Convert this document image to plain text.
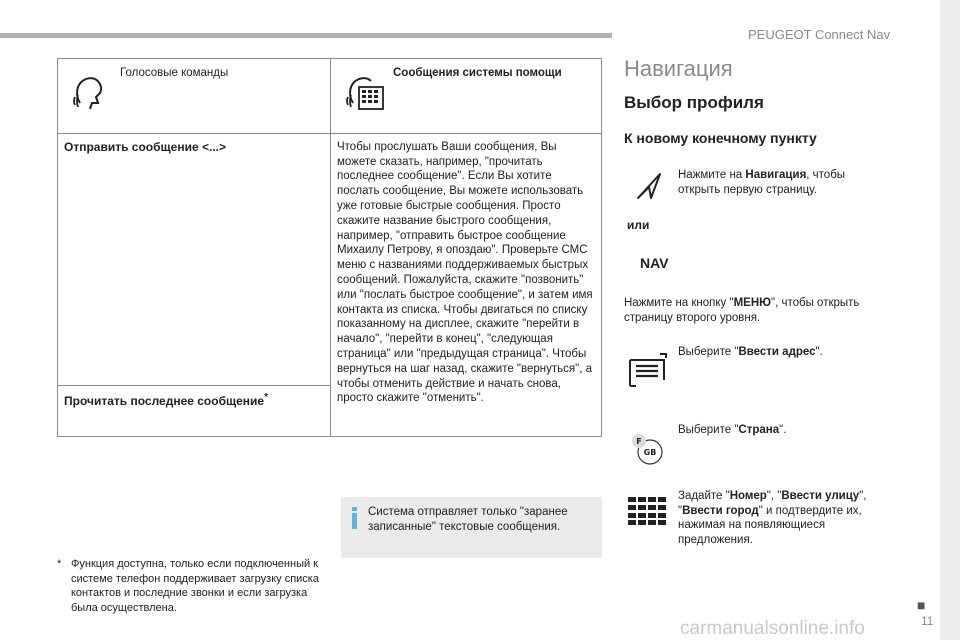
PEUGEOT Connect Nav
Голосовые команды	Сообщения системы помощи

Отправить сообщение <...>	Чтобы прослушать Ваши сообщения, Вы можете сказать, например, "прочитать последнее сообщение". Если Вы хотите послать сообщение, Вы можете использовать уже готовые быстрые сообщения. Просто скажите название быстрого сообщения, например, "отправить быстрое сообщение Михаилу Петрову, я опоздаю". Проверьте СМС меню с названиями поддерживаемых быстрых сообщений. Пожалуйста, скажите "позвонить" или "послать быстрое сообщение", и затем имя контакта из списка. Чтобы двигаться по списку показанному на дисплее, скажите "перейти в начало", "перейти в конец", "следующая страница" или "предыдущая страница". Чтобы вернуться на шаг назад, скажите "вернуться", а чтобы отменить действие и начать снова, просто скажите "отменить".
Прочитать последнее сообщение*
Система отправляет только "заранее записанные" текстовые сообщения.
* Функция доступна, только если подключенный к системе телефон поддерживает загрузку списка контактов и последние звонки и если загрузка была осуществлена.
Навигация
Выбор профиля
К новому конечному пункту
Нажмите на Навигация, чтобы открыть первую страницу.
или
NAV
Нажмите на кнопку "МЕНЮ", чтобы открыть страницу второго уровня.
Выберите "Ввести адрес".
F
GB
Выберите "Страна".
Задайте "Номер", "Ввести улицу", "Ввести город" и подтвердите их, нажимая на появляющиеся предложения.
■
11
carmanualsonline.info
